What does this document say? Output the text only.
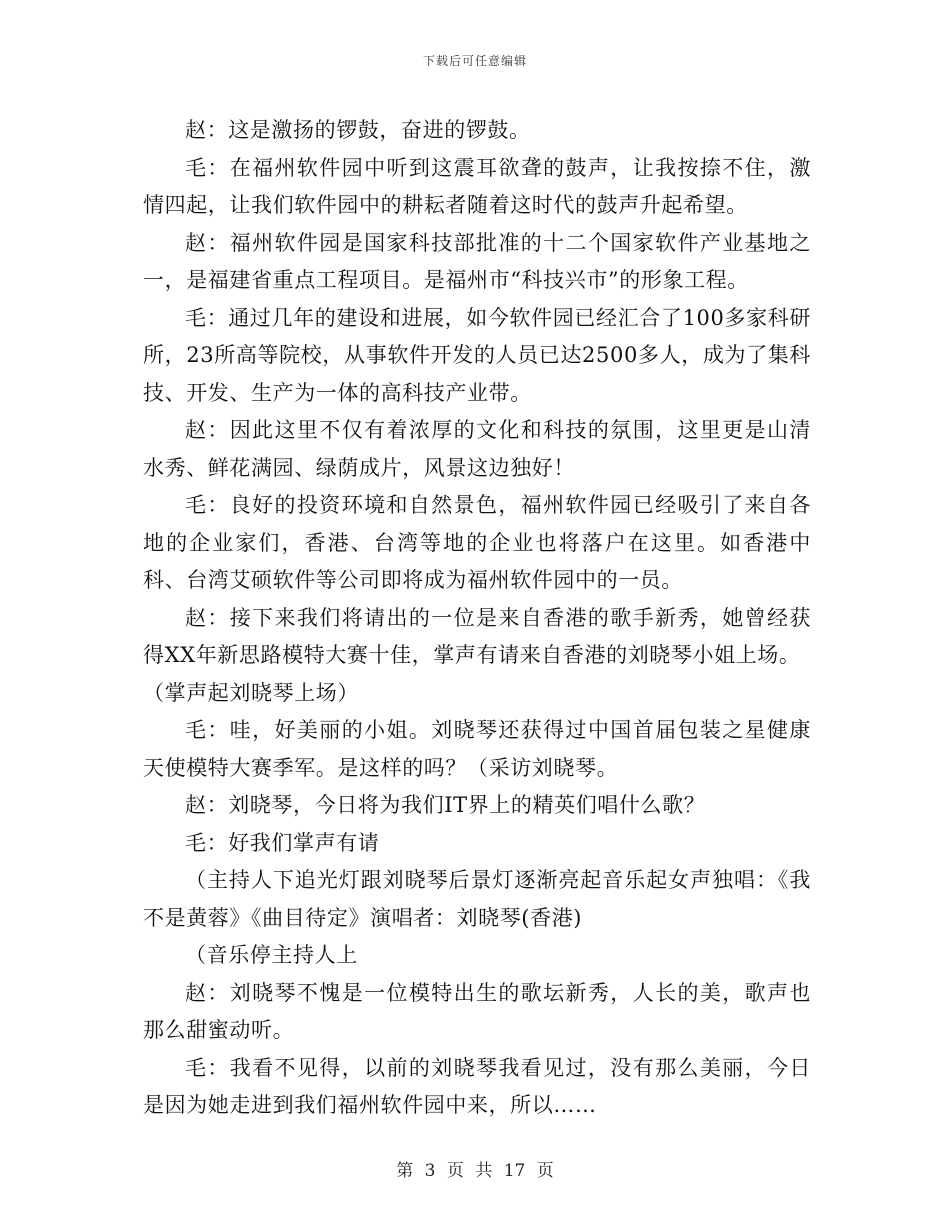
下载后可任意编辑

赵：这是激扬的锣鼓，奋进的锣鼓。

毛：在福州软件园中听到这震耳欲聋的鼓声，让我按捺不住，激情四起，让我们软件园中的耕耘者随着这时代的鼓声升起希望。

赵：福州软件园是国家科技部批准的十二个国家软件产业基地之一，是福建省重点工程项目。是福州市“科技兴市”的形象工程。

毛：通过几年的建设和进展，如今软件园已经汇合了100多家科研所，23所高等院校，从事软件开发的人员已达2500多人，成为了集科技、开发、生产为一体的高科技产业带。

赵：因此这里不仅有着浓厚的文化和科技的氛围，这里更是山清水秀、鲜花满园、绿荫成片，风景这边独好！

毛：良好的投资环境和自然景色，福州软件园已经吸引了来自各地的企业家们，香港、台湾等地的企业也将落户在这里。如香港中科、台湾艾硕软件等公司即将成为福州软件园中的一员。

赵：接下来我们将请出的一位是来自香港的歌手新秀，她曾经获得XX年新思路模特大赛十佳，掌声有请来自香港的刘晓琴小姐上场。

（掌声起刘晓琴上场）

毛：哇，好美丽的小姐。刘晓琴还获得过中国首届包装之星健康天使模特大赛季军。是这样的吗？（采访刘晓琴。

赵：刘晓琴，今日将为我们IT界上的精英们唱什么歌？

毛：好我们掌声有请

（主持人下追光灯跟刘晓琴后景灯逐渐亮起音乐起女声独唱：《我不是黄蓉》《曲目待定》演唱者：刘晓琴(香港)

（音乐停主持人上

赵：刘晓琴不愧是一位模特出生的歌坛新秀，人长的美，歌声也那么甜蜜动听。

毛：我看不见得，以前的刘晓琴我看见过，没有那么美丽，今日是因为她走进到我们福州软件园中来，所以……

第 3 页 共 17 页
